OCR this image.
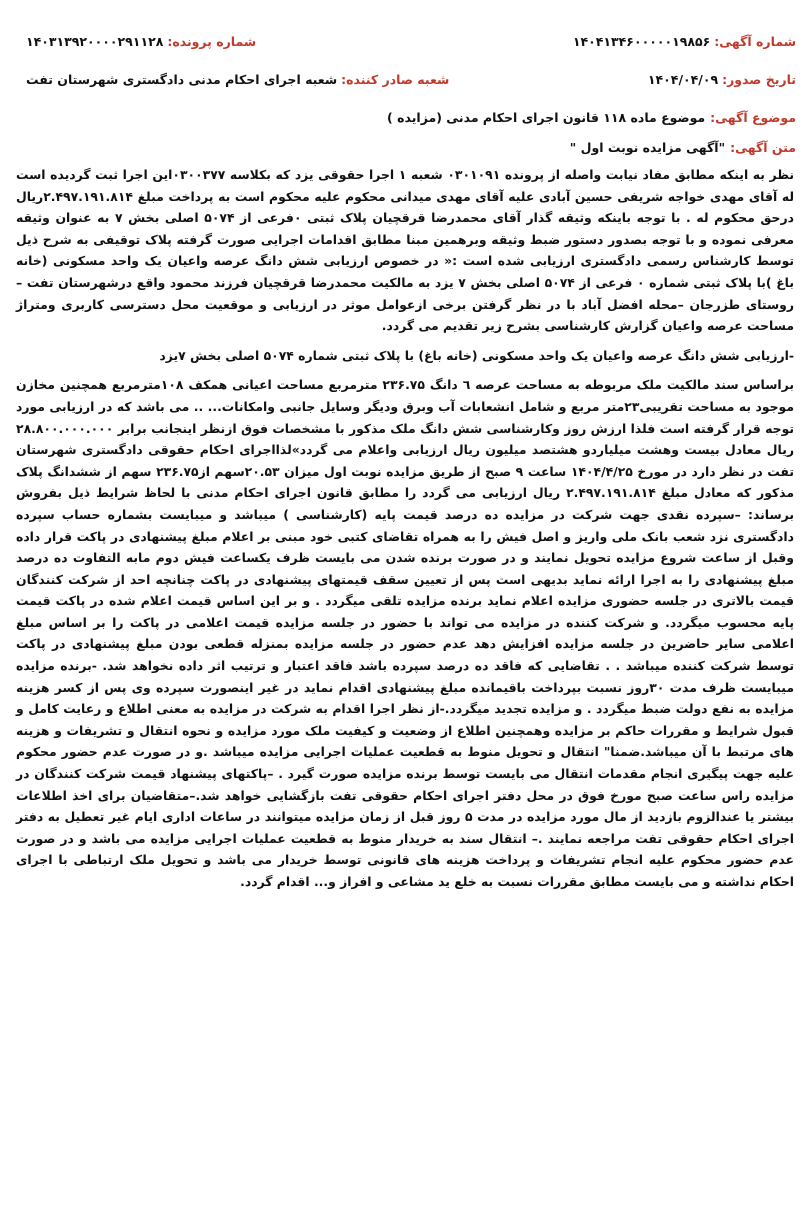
شماره آگهی:
۱۴۰۴۱۳۴۶۰۰۰۰۰۱۹۸۵۶
شماره پرونده:
۱۴۰۳۱۳۹۲۰۰۰۰۲۹۱۱۲۸
تاریخ صدور:
۱۴۰۴/۰۴/۰۹
شعبه صادر کننده:
شعبه اجرای احکام مدنی دادگستری شهرستان تفت
موضوع آگهی:
موضوع ماده ۱۱۸ قانون اجرای احکام مدنی (مزایده )
متن آگهی:
"آگهی مزایده نوبت اول "

نظر به اینکه مطابق مفاد نیابت واصله از پرونده ۰۳۰۱۰۹۱ شعبه ۱ اجرا حقوقی یزد که بکلاسه ۰۳۰۰۳۷۷این اجرا ثبت گردیده است له آقای مهدی خواجه شریفی حسین آبادی علیه آقای مهدی میدانی محکوم علیه محکوم است به پرداخت مبلغ ۲.۴۹۷.۱۹۱.۸۱۴ریال درحق محکوم له . با توجه باینکه وثیقه گذار آقای محمدرضا قرقچیان پلاک ثبتی ۰فرعی از ۵۰۷۴ اصلی بخش ۷ به عنوان وثیقه معرفی نموده و با توجه بصدور دستور ضبط وثیقه وبرهمین مبنا مطابق اقدامات اجرایی صورت گرفته پلاک توقیفی به شرح ذیل توسط کارشناس رسمی دادگستری ارزیابی شده است :« در خصوص ارزیابی شش دانگ عرصه واعیان یک واحد مسکونی (خانه باغ )با پلاک ثبتی شماره ۰ فرعی از ۵۰۷۴ اصلی بخش ۷ یزد به مالکیت محمدرضا قرقچیان فرزند محمود واقع درشهرستان تفت –روستای طزرجان –محله افضل آباد با در نظر گرفتن برخی ازعوامل موثر در ارزیابی و موقعیت محل دسترسی کاربری ومتراژ مساحت عرصه واعیان گزارش کارشناسی بشرح زیر تقدیم می گردد.

-ارزیابی شش دانگ عرصه واعیان یک واحد مسکونی (خانه باغ) با پلاک ثبتی شماره ۵۰۷۴ اصلی بخش ۷یزد

براساس سند مالکیت ملک مربوطه به مساحت عرصه ٦ دانگ ۲۳۶.۷۵ مترمربع مساحت اعیانی همکف ۱۰۸مترمربع همچنین مخازن موجود به مساحت تقریبی۲۳متر مربع و شامل انشعابات آب وبرق ودیگر وسایل جانبی وامکانات... .. می باشد که در ارزیابی مورد توجه قرار گرفته است فلذا ارزش روز وکارشناسی شش دانگ ملک مذکور با مشخصات فوق ازنظر اینجانب برابر ۲۸.۸۰۰.۰۰۰.۰۰۰ ریال معادل بیست وهشت میلیاردو هشتصد میلیون ریال ارزیابی واعلام می گردد»لذااجرای احکام حقوقی دادگستری شهرستان تفت در نظر دارد در مورخ ۱۴۰۴/۴/۲۵ ساعت ۹ صبح از طریق مزایده نوبت اول میزان ۲۰.۵۳سهم از۲۳۶.۷۵ سهم از ششدانگ پلاک مذکور که معادل مبلغ ۲.۴۹۷.۱۹۱.۸۱۴ ریال ارزیابی می گردد را مطابق قانون اجرای احکام مدنی با لحاظ شرایط ذیل بفروش برساند: –سپرده نقدی جهت شرکت در مزایده ده درصد قیمت پایه (کارشناسی ) میباشد و میبایست بشماره حساب سپرده دادگستری نزد شعب بانک ملی واریز و اصل فیش را به همراه تقاضای کتبی خود مبنی بر اعلام مبلغ پیشنهادی در پاکت قرار داده وقبل از ساعت شروع مزایده تحویل نمایند و در صورت برنده شدن می بایست ظرف یکساعت فیش دوم مابه التفاوت ده درصد مبلغ پیشنهادی را به اجرا ارائه نماید بدیهی است پس از تعیین سقف قیمتهای پیشنهادی در پاکت چنانچه احد از شرکت کنندگان قیمت بالاتری در جلسه حضوری مزایده اعلام نماید برنده مزایده تلقی میگردد . و بر این اساس قیمت اعلام شده در پاکت قیمت پایه محسوب میگردد. و شرکت کننده در مزایده می تواند با حضور در جلسه مزایده قیمت اعلامی در پاکت را بر اساس مبلغ اعلامی سایر حاضرین در جلسه مزایده افزایش دهد عدم حضور در جلسه مزایده بمنزله قطعی بودن مبلغ پیشنهادی در پاکت توسط شرکت کننده میباشد . . تقاضایی که فاقد ده درصد سپرده باشد فاقد اعتبار و ترتیب اثر داده نخواهد شد. -برنده مزایده میبایست ظرف مدت ۳۰روز نسبت بپرداخت باقیمانده مبلغ پیشنهادی اقدام نماید در غیر اینصورت سپرده وی پس از کسر هزینه مزایده به نفع دولت ضبط میگردد . و مزایده تجدید میگردد.-از نظر اجرا اقدام به شرکت در مزایده به معنی اطلاع و رعایت کامل و قبول شرایط و مقررات حاکم بر مزایده وهمچنین اطلاع از وضعیت و کیفیت ملک مورد مزایده و نحوه انتقال و تشریفات و هزینه های مرتبط با آن میباشد.ضمنا" انتقال و تحویل منوط به قطعیت عملیات اجرایی مزایده میباشد .و در صورت عدم حضور محکوم علیه جهت پیگیری انجام مقدمات انتقال می بایست توسط برنده مزایده صورت گیرد . –پاکتهای پیشنهاد قیمت شرکت کنندگان در مزایده راس ساعت صبح مورخ فوق در محل دفتر اجرای احکام حقوقی تفت بازگشایی خواهد شد.–متقاضیان برای اخذ اطلاعات بیشتر یا عندالزوم بازدید از مال مورد مزایده در مدت ۵ روز قبل از زمان مزایده میتوانند در ساعات اداری ایام غیر تعطیل به دفتر اجرای احکام حقوقی تفت مراجعه نمایند .– انتقال سند به خریدار منوط به قطعیت عملیات اجرایی مزایده می باشد و در صورت عدم حضور محکوم علیه انجام تشریفات و پرداخت هزینه های قانونی توسط خریدار می باشد و تحویل ملک ارتباطی با اجرای احکام نداشته و می بایست مطابق مقررات نسبت به خلع ید مشاعی و افراز و... اقدام گردد.
